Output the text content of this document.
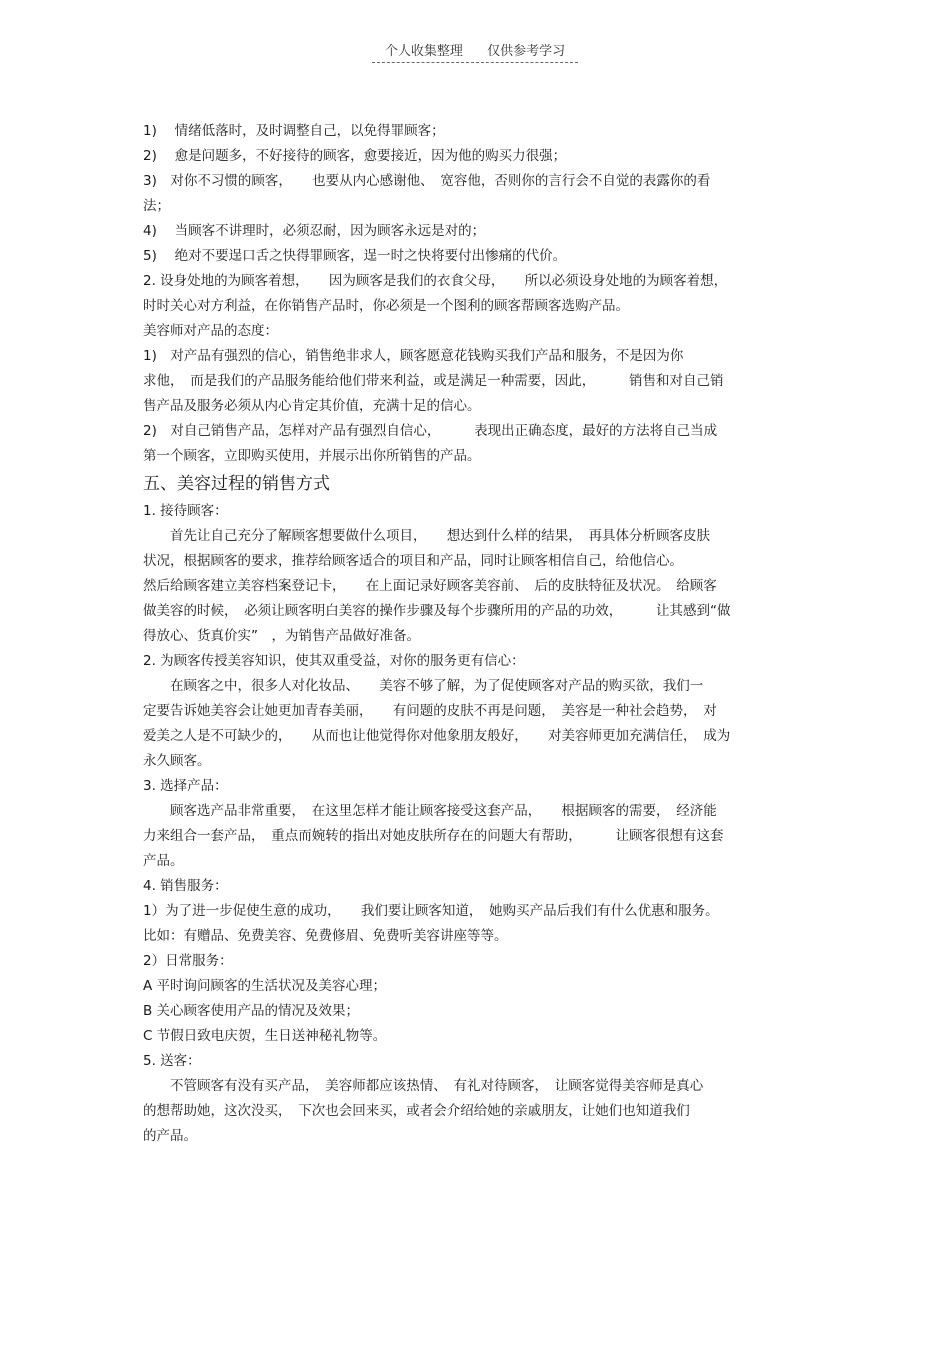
个人收集整理 仅供参考学习

1)　 情绪低落时，及时调整自己，以免得罪顾客；

2)　 愈是问题多，不好接待的顾客，愈要接近，因为他的购买力很强；

3)　对你不习惯的顾客，　　也要从内心感谢他、　宽容他，否则你的言行会不自觉的表露你的看

法；

4)　 当顾客不讲理时，必须忍耐，因为顾客永远是对的；

5)　 绝对不要逞口舌之快得罪顾客，逞一时之快将要付出惨痛的代价。

2. 设身处地的为顾客着想，　　因为顾客是我们的衣食父母，　　所以必须设身处地的为顾客着想，

时时关心对方利益，在你销售产品时，你必须是一个图利的顾客帮顾客选购产品。

美容师对产品的态度：

1)　对产品有强烈的信心，销售绝非求人，顾客愿意花钱购买我们产品和服务，不是因为你

求他，　而是我们的产品服务能给他们带来利益，或是满足一种需要，因此，　　　销售和对自己销

售产品及服务必须从内心肯定其价值，充满十足的信心。

2)　对自己销售产品，怎样对产品有强烈自信心，　　　表现出正确态度，最好的方法将自己当成

第一个顾客，立即购买使用，并展示出你所销售的产品。

五、美容过程的销售方式

1. 接待顾客：

　　首先让自己充分了解顾客想要做什么项目，　　想达到什么样的结果，　再具体分析顾客皮肤

状况，根据顾客的要求，推荐给顾客适合的项目和产品，同时让顾客相信自己，给他信心。

然后给顾客建立美容档案登记卡，　　在上面记录好顾客美容前、　后的皮肤特征及状况。　给顾客

做美容的时候，　必须让顾客明白美容的操作步骤及每个步骤所用的产品的功效，　　　让其感到“做

得放心、货真价实”　，为销售产品做好准备。

2. 为顾客传授美容知识，使其双重受益，对你的服务更有信心：

　　在顾客之中，很多人对化妆品、　　美容不够了解，为了促使顾客对产品的购买欲，我们一

定要告诉她美容会让她更加青春美丽，　　有问题的皮肤不再是问题，　美容是一种社会趋势，　对

爱美之人是不可缺少的，　　从而也让他觉得你对他象朋友般好，　　对美容师更加充满信任，　成为

永久顾客。

3. 选择产品：

　　顾客选产品非常重要，　在这里怎样才能让顾客接受这套产品，　　根据顾客的需要，　经济能

力来组合一套产品，　重点而婉转的指出对她皮肤所存在的问题大有帮助，　　　让顾客很想有这套

产品。

4. 销售服务：

1）为了进一步促使生意的成功，　　我们要让顾客知道，　她购买产品后我们有什么优惠和服务。

比如：有赠品、免费美容、免费修眉、免费听美容讲座等等。

2）日常服务：

A 平时询问顾客的生活状况及美容心理；

B 关心顾客使用产品的情况及效果；

C 节假日致电庆贺，生日送神秘礼物等。

5. 送客：

　　不管顾客有没有买产品，　美容师都应该热情、　有礼对待顾客，　让顾客觉得美容师是真心

的想帮助她，这次没买，　下次也会回来买，或者会介绍给她的亲戚朋友，让她们也知道我们

的产品。
